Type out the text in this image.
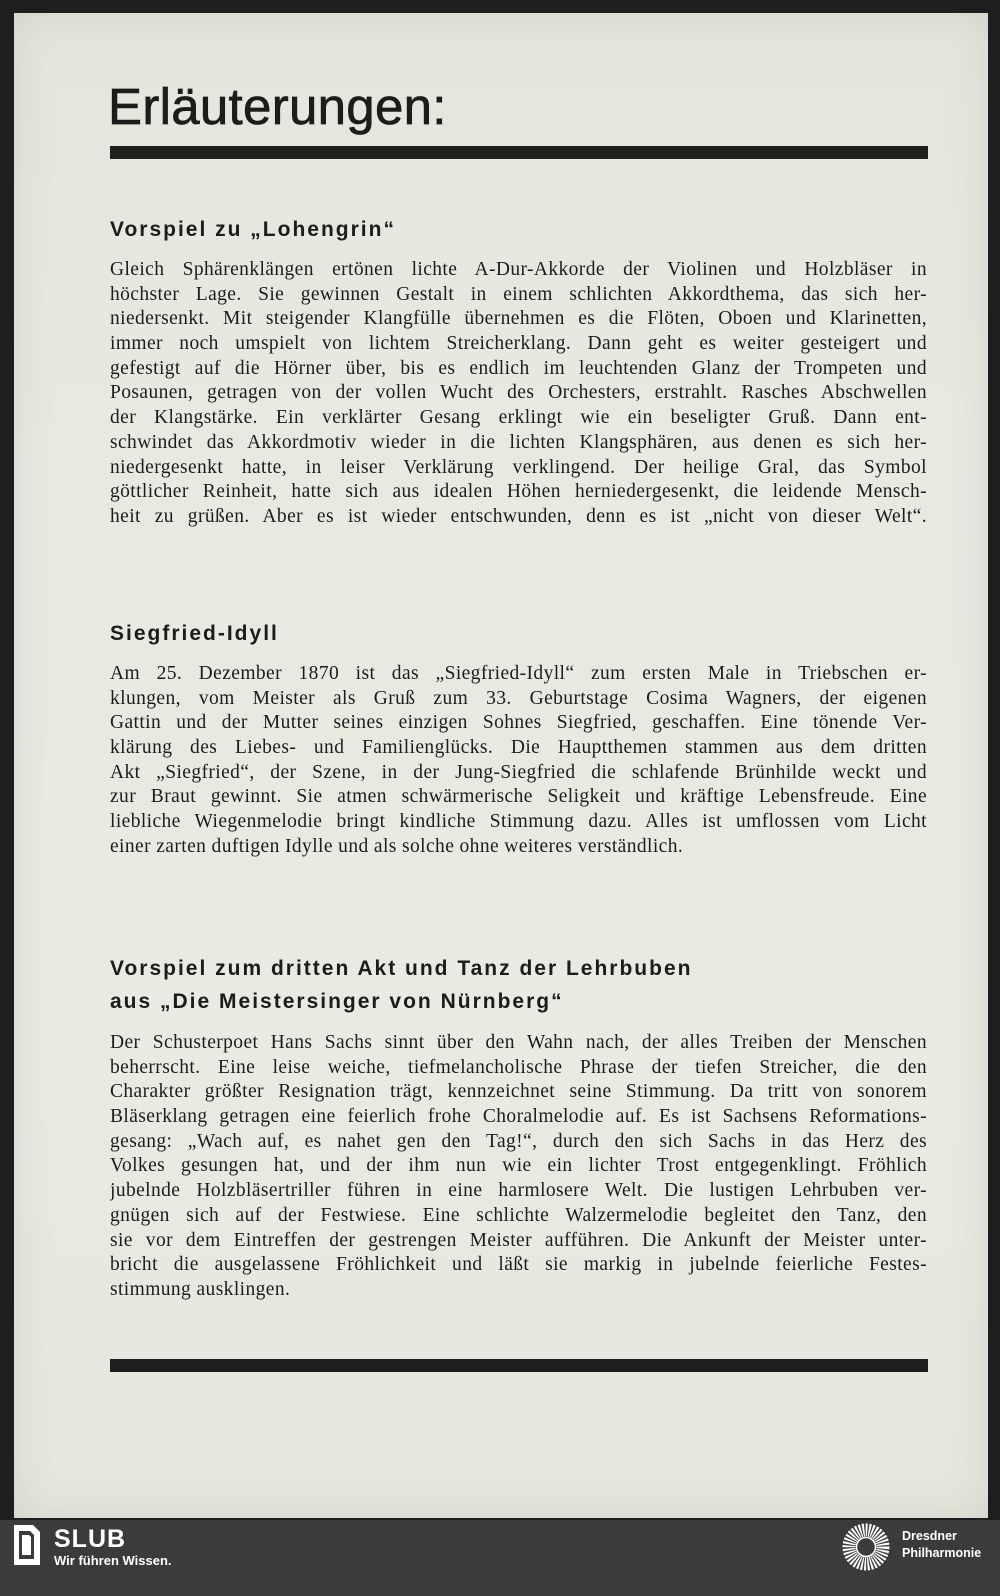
Erläuterungen:
Vorspiel zu „Lohengrin“
Gleich Sphärenklängen ertönen lichte A-Dur-Akkorde der Violinen und Holzbläser in
höchster Lage. Sie gewinnen Gestalt in einem schlichten Akkordthema, das sich her-
niedersenkt. Mit steigender Klangfülle übernehmen es die Flöten, Oboen und Klarinetten,
immer noch umspielt von lichtem Streicherklang. Dann geht es weiter gesteigert und
gefestigt auf die Hörner über, bis es endlich im leuchtenden Glanz der Trompeten und
Posaunen, getragen von der vollen Wucht des Orchesters, erstrahlt. Rasches Abschwellen
der Klangstärke. Ein verklärter Gesang erklingt wie ein beseligter Gruß. Dann ent-
schwindet das Akkordmotiv wieder in die lichten Klangsphären, aus denen es sich her-
niedergesenkt hatte, in leiser Verklärung verklingend. Der heilige Gral, das Symbol
göttlicher Reinheit, hatte sich aus idealen Höhen herniedergesenkt, die leidende Mensch-
heit zu grüßen. Aber es ist wieder entschwunden, denn es ist „nicht von dieser Welt“.
Siegfried-Idyll
Am 25. Dezember 1870 ist das „Siegfried-Idyll“ zum ersten Male in Triebschen er-
klungen, vom Meister als Gruß zum 33. Geburtstage Cosima Wagners, der eigenen
Gattin und der Mutter seines einzigen Sohnes Siegfried, geschaffen. Eine tönende Ver-
klärung des Liebes- und Familienglücks. Die Hauptthemen stammen aus dem dritten
Akt „Siegfried“, der Szene, in der Jung-Siegfried die schlafende Brünhilde weckt und
zur Braut gewinnt. Sie atmen schwärmerische Seligkeit und kräftige Lebensfreude. Eine
liebliche Wiegenmelodie bringt kindliche Stimmung dazu. Alles ist umflossen vom Licht
einer zarten duftigen Idylle und als solche ohne weiteres verständlich.
Vorspiel zum dritten Akt und Tanz der Lehrbuben
aus „Die Meistersinger von Nürnberg“
Der Schusterpoet Hans Sachs sinnt über den Wahn nach, der alles Treiben der Menschen
beherrscht. Eine leise weiche, tiefmelancholische Phrase der tiefen Streicher, die den
Charakter größter Resignation trägt, kennzeichnet seine Stimmung. Da tritt von sonorem
Bläserklang getragen eine feierlich frohe Choralmelodie auf. Es ist Sachsens Reformations-
gesang: „Wach auf, es nahet gen den Tag!“, durch den sich Sachs in das Herz des
Volkes gesungen hat, und der ihm nun wie ein lichter Trost entgegenklingt. Fröhlich
jubelnde Holzbläsertriller führen in eine harmlosere Welt. Die lustigen Lehrbuben ver-
gnügen sich auf der Festwiese. Eine schlichte Walzermelodie begleitet den Tanz, den
sie vor dem Eintreffen der gestrengen Meister aufführen. Die Ankunft der Meister unter-
bricht die ausgelassene Fröhlichkeit und läßt sie markig in jubelnde feierliche Festes-
stimmung ausklingen.
SLUB
Wir führen Wissen.
Dresdner
Philharmonie
